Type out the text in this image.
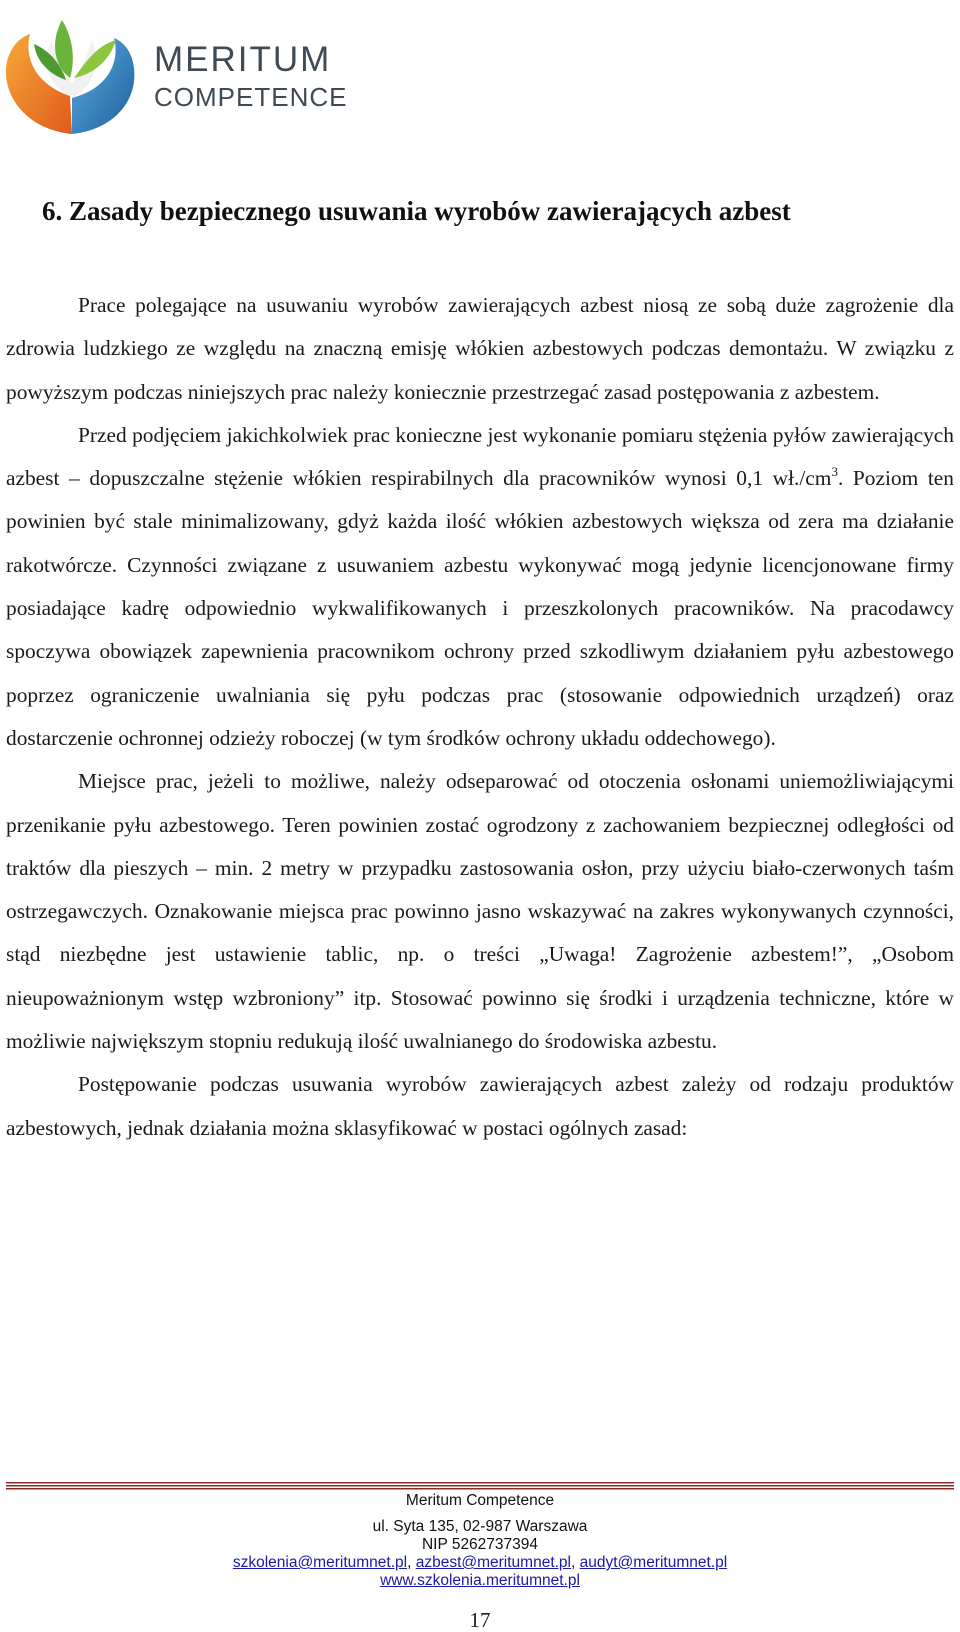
MERITUM
COMPETENCE
6. Zasady bezpiecznego usuwania wyrobów zawierających azbest

Prace polegające na usuwaniu wyrobów zawierających azbest niosą ze sobą duże zagrożenie dla zdrowia ludzkiego ze względu na znaczną emisję włókien azbestowych podczas demontażu. W związku z powyższym podczas niniejszych prac należy koniecznie przestrzegać zasad postępowania z azbestem.

Przed podjęciem jakichkolwiek prac konieczne jest wykonanie pomiaru stężenia pyłów zawierających azbest – dopuszczalne stężenie włókien respirabilnych dla pracowników wynosi 0,1 $wł./cm^3$. Poziom ten powinien być stale minimalizowany, gdyż każda ilość włókien azbestowych większa od zera ma działanie rakotwórcze. Czynności związane z usuwaniem azbestu wykonywać mogą jedynie licencjonowane firmy posiadające kadrę odpowiednio wykwalifikowanych i przeszkolonych pracowników. Na pracodawcy spoczywa obowiązek zapewnienia pracownikom ochrony przed szkodliwym działaniem pyłu azbestowego poprzez ograniczenie uwalniania się pyłu podczas prac (stosowanie odpowiednich urządzeń) oraz dostarczenie ochronnej odzieży roboczej (w tym środków ochrony układu oddechowego).

Miejsce prac, jeżeli to możliwe, należy odseparować od otoczenia osłonami uniemożliwiającymi przenikanie pyłu azbestowego. Teren powinien zostać ogrodzony z zachowaniem bezpiecznej odległości od traktów dla pieszych – min. 2 metry w przypadku zastosowania osłon, przy użyciu biało-czerwonych taśm ostrzegawczych. Oznakowanie miejsca prac powinno jasno wskazywać na zakres wykonywanych czynności, stąd niezbędne jest ustawienie tablic, np. o treści „Uwaga! Zagrożenie azbestem!”, „Osobom nieupoważnionym wstęp wzbroniony” itp. Stosować powinno się środki i urządzenia techniczne, które w możliwie największym stopniu redukują ilość uwalnianego do środowiska azbestu.

Postępowanie podczas usuwania wyrobów zawierających azbest zależy od rodzaju produktów azbestowych, jednak działania można sklasyfikować w postaci ogólnych zasad:

Meritum Competence
ul. Syta 135, 02-987 Warszawa
NIP 5262737394
szkolenia@meritumnet.pl, azbest@meritumnet.pl, audyt@meritumnet.pl
www.szkolenia.meritumnet.pl
17
